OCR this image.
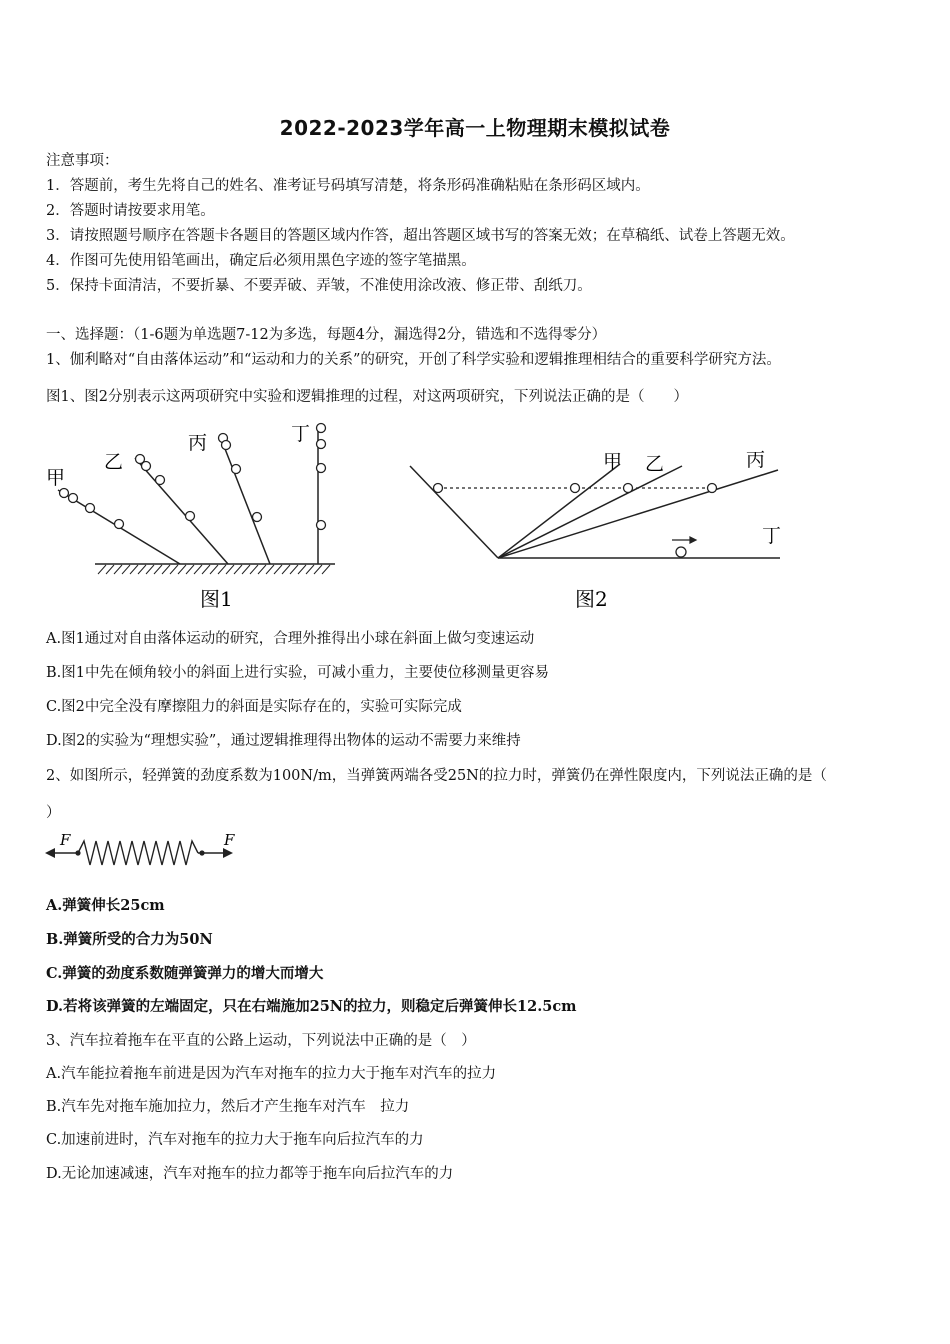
2022-2023学年高一上物理期末模拟试卷
注意事项：
1．答题前，考生先将自己的姓名、准考证号码填写清楚，将条形码准确粘贴在条形码区域内。
2．答题时请按要求用笔。
3．请按照题号顺序在答题卡各题目的答题区域内作答，超出答题区域书写的答案无效；在草稿纸、试卷上答题无效。
4．作图可先使用铅笔画出，确定后必须用黑色字迹的签字笔描黑。
5．保持卡面清洁，不要折暴、不要弄破、弄皱，不准使用涂改液、修正带、刮纸刀。
一、选择题：（1-6题为单选题7-12为多选，每题4分，漏选得2分，错选和不选得零分）
1、伽利略对“自由落体运动”和“运动和力的关系”的研究，开创了科学实验和逻辑推理相结合的重要科学研究方法。
图1、图2分别表示这两项研究中实验和逻辑推理的过程，对这两项研究，下列说法正确的是（　　）
甲
乙
丙	丁
图1
甲 乙	丙
丁
图2
A.图1通过对自由落体运动的研究，合理外推得出小球在斜面上做匀变速运动
B.图1中先在倾角较小的斜面上进行实验，可减小重力，主要使位移测量更容易
C.图2中完全没有摩擦阻力的斜面是实际存在的，实验可实际完成
D.图2的实验为“理想实验”，通过逻辑推理得出物体的运动不需要力来维持
2、如图所示，轻弹簧的劲度系数为100N/m，当弹簧两端各受25N的拉力时，弹簧仍在弹性限度内，下列说法正确的是（
）
F	F
A.弹簧伸长25cm
B.弹簧所受的合力为50N
C.弹簧的劲度系数随弹簧弹力的增大而增大
D.若将该弹簧的左端固定，只在右端施加25N的拉力，则稳定后弹簧伸长12.5cm
3、汽车拉着拖车在平直的公路上运动，下列说法中正确的是（　）
A.汽车能拉着拖车前进是因为汽车对拖车的拉力大于拖车对汽车的拉力
B.汽车先对拖车施加拉力，然后才产生拖车对汽车　拉力
C.加速前进时，汽车对拖车的拉力大于拖车向后拉汽车的力
D.无论加速减速，汽车对拖车的拉力都等于拖车向后拉汽车的力
